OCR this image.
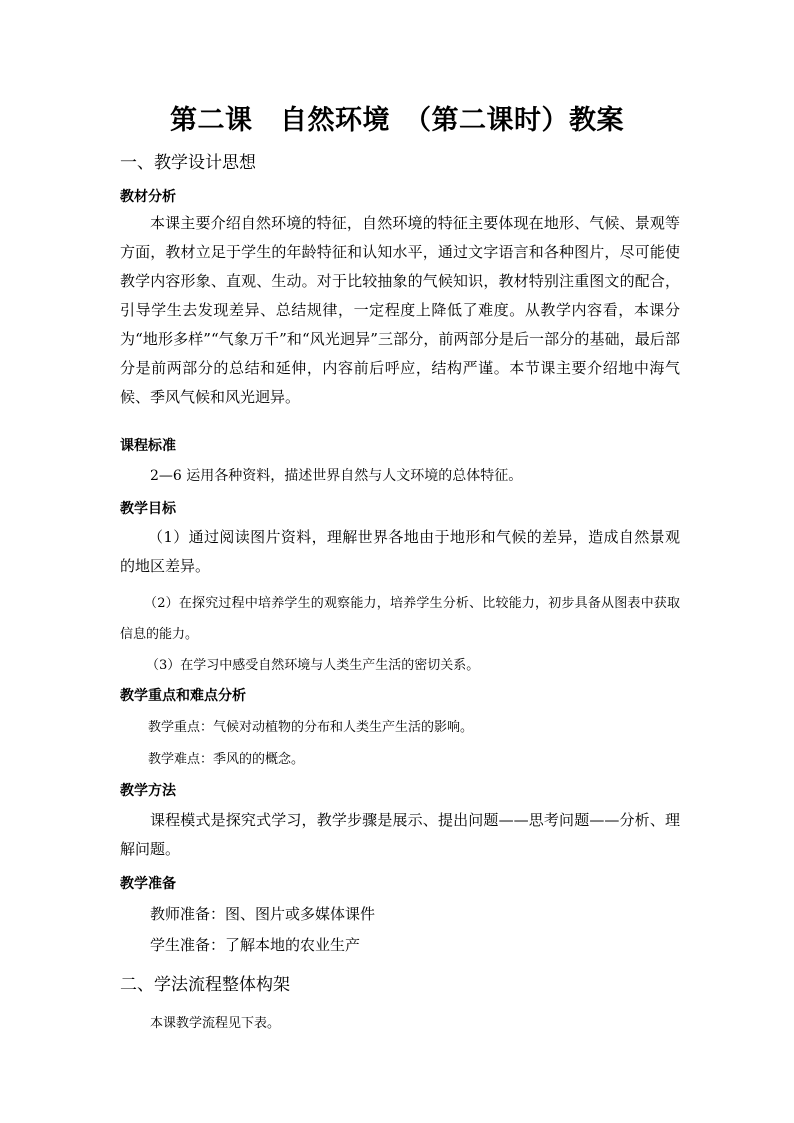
第二课　自然环境　（第二课时）教案
一、教学设计思想
教材分析
本课主要介绍自然环境的特征，自然环境的特征主要体现在地形、气候、景观等方面，教材立足于学生的年龄特征和认知水平，通过文字语言和各种图片，尽可能使教学内容形象、直观、生动。对于比较抽象的气候知识，教材特别注重图文的配合，引导学生去发现差异、总结规律，一定程度上降低了难度。从教学内容看，本课分为“地形多样”“气象万千”和“风光迥异”三部分，前两部分是后一部分的基础，最后部分是前两部分的总结和延伸，内容前后呼应，结构严谨。本节课主要介绍地中海气候、季风气候和风光迥异。
课程标准
2—6 运用各种资料，描述世界自然与人文环境的总体特征。
教学目标
（1）通过阅读图片资料，理解世界各地由于地形和气候的差异，造成自然景观的地区差异。
（2）在探究过程中培养学生的观察能力，培养学生分析、比较能力，初步具备从图表中获取信息的能力。
（3）在学习中感受自然环境与人类生产生活的密切关系。
教学重点和难点分析
教学重点：气候对动植物的分布和人类生产生活的影响。
教学难点：季风的的概念。
教学方法
课程模式是探究式学习，教学步骤是展示、提出问题——思考问题——分析、理解问题。
教学准备
教师准备：图、图片或多媒体课件
学生准备：了解本地的农业生产
二、学法流程整体构架
本课教学流程见下表。
